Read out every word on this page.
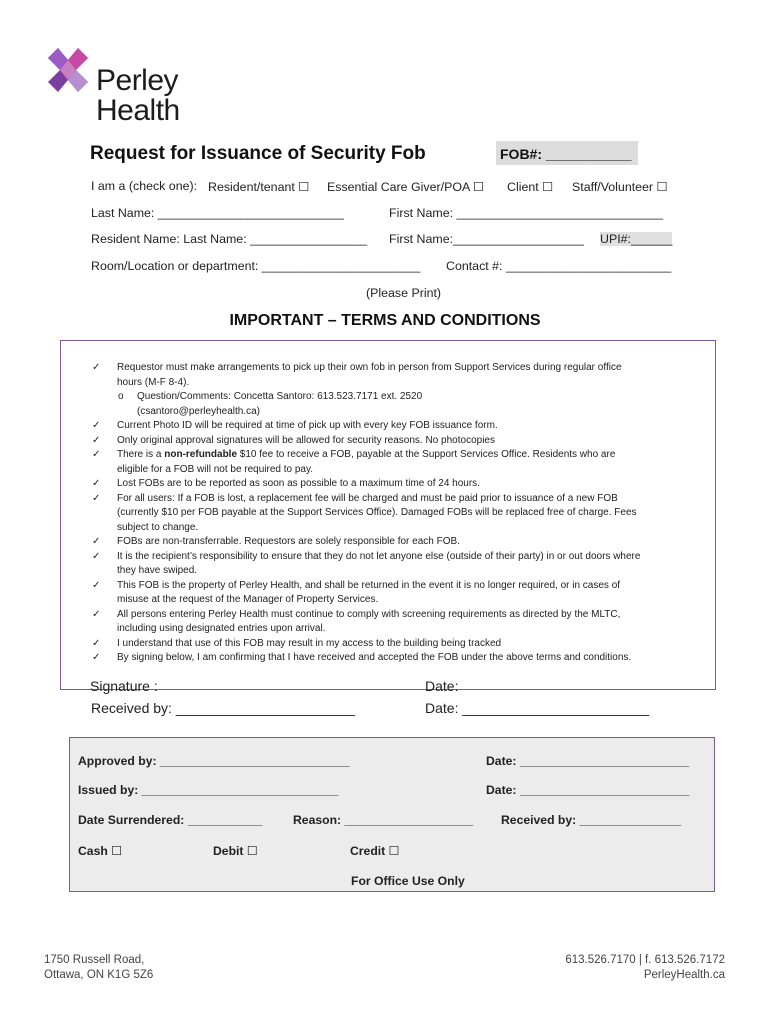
Perley
Health
Request for Issuance of Security Fob	FOB#: ___________
I am a (check one): Resident/tenant ☐ Essential Care Giver/POA ☐ Client ☐ Staff/Volunteer ☐
Last Name: ___________________________	First Name: ______________________________
Resident Name: Last Name: _________________ First Name:___________________ UPI#:______
Room/Location or department: _______________________ Contact #: ________________________
(Please Print)
IMPORTANT – TERMS AND CONDITIONS
✓ Requestor must make arrangements to pick up their own fob in person from Support Services during regular office
hours (M-F 8-4).
o Question/Comments: Concetta Santoro: 613.523.7171 ext. 2520
(csantoro@perleyhealth.ca)
✓ Current Photo ID will be required at time of pick up with every key FOB issuance form.
✓ Only original approval signatures will be allowed for security reasons. No photocopies
✓ There is a non-refundable $10 fee to receive a FOB, payable at the Support Services Office. Residents who are
eligible for a FOB will not be required to pay.
✓ Lost FOBs are to be reported as soon as possible to a maximum time of 24 hours.
✓ For all users: If a FOB is lost, a replacement fee will be charged and must be paid prior to issuance of a new FOB
(currently $10 per FOB payable at the Support Services Office). Damaged FOBs will be replaced free of charge. Fees
subject to change.
✓ FOBs are non-transferrable. Requestors are solely responsible for each FOB.
✓ It is the recipient’s responsibility to ensure that they do not let anyone else (outside of their party) in or out doors where
they have swiped.
✓ This FOB is the property of Perley Health, and shall be returned in the event it is no longer required, or in cases of
misuse at the request of the Manager of Property Services.
✓ All persons entering Perley Health must continue to comply with screening requirements as directed by the MLTC,
including using designated entries upon arrival.
✓ I understand that use of this FOB may result in my access to the building being tracked
✓ By signing below, I am confirming that I have received and accepted the FOB under the above terms and conditions.
Signature :	Date:
Received by: _______________________	Date: ________________________
Approved by: ____________________________	Date: _________________________
Issued by: _____________________________	Date: _________________________
Date Surrendered: ___________	Reason: ___________________ Received by: _______________
Cash ☐	Debit ☐	Credit ☐
For Office Use Only
1750 Russell Road,
Ottawa, ON K1G 5Z6
613.526.7170 | f. 613.526.7172
PerleyHealth.ca
